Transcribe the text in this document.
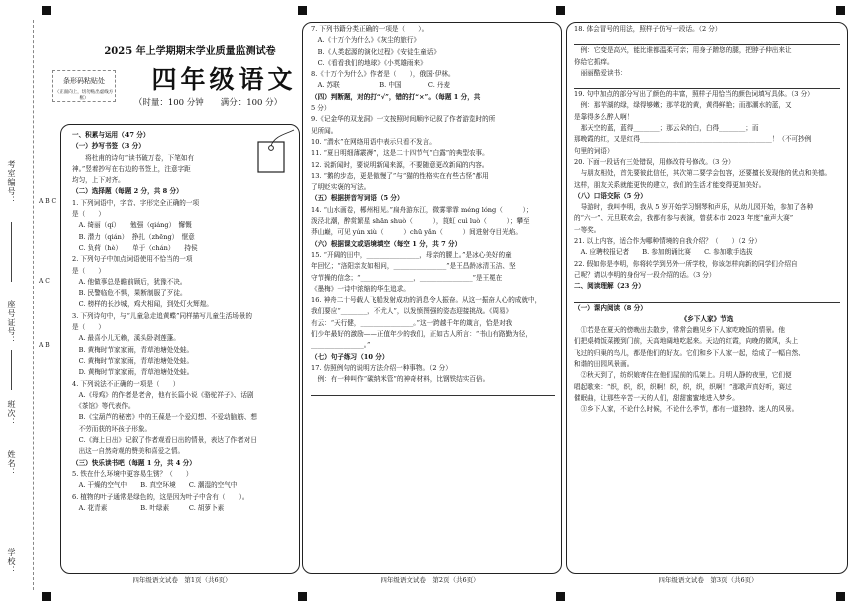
考室编号：
座号证号：
班次：
姓名：
学校：
A B C
A C
A B
2025 年上学期期末学业质量监测试卷
四年级语文
（时量：100 分钟　　满分：100 分）
条形码粘贴处
（正面向上，切勿贴出虚线方框）
一、积累与运用（47 分）
（一）抄写书签（3 分）
　　将杜甫的诗句“读书破万卷，下笔如有
神。”竖着抄写在右边的书签上，注意字距
均匀，上下对齐。
（二）选择题（每题 2 分，共 8 分）
1. 下列词语中，字音、字形完全正确的一项
是（　　）
　A. 绮丽（qí）　　勉强（qiáng）　懈慨
　B. 潜力（qián）　挣扎（zhēng）　惬意
　C. 负荷（hè）　　单于（chán）　　持侯
2. 下列句子中加点词语使用不恰当的一项
是（　　）
　A. 他做事总是瞻前顾后，犹豫不决。
　B. 民警临危不惧，果断制服了歹徒。
　C. 榜样的长沙城，鸡犬相闻，到处灯火辉煌。
3. 下列诗句中，与“儿童急走追黄蝶”同样描写儿童生活场景的
是（　　）
　A. 最喜小儿无赖，溪头卧剥莲蓬。
　B. 黄梅时节家家雨，青草池塘处处蛙。
　C. 黄梅时节家家雨，青草池塘处处蛙。
　D. 黄梅时节家家雨，青草池塘处处蛙。
4. 下列说法不正确的一项是（　　）
　A.《母鸡》的作者是老舍，他有长篇小说《骆驼祥子》、话剧
　《茶馆》等代表作。
　B.《宝葫芦的秘密》中的王葆是一个爱幻想、不爱动脑筋、想
　不劳而获的坏孩子形象。
　C.《海上日出》记叙了作者观看日出的情景，表达了作者对日
　出这一自然奇观的赞美和喜爱之情。
（三）快乐读书吧（每题 1 分，共 4 分）
5. 铁在什么环境中更容易生锈？（　　）
　A. 干燥的空气中　　B. 真空环境　　C. 潮湿的空气中
6. 植物的叶子通常是绿色的，这是因为叶子中含有（　　）。
　A. 花青素　　　　　B. 叶绿素　　　C. 胡萝卜素
7. 下列书籍分类正确的一项是（　　）。
　A.《十万个为什么》《灰尘的旅行》
　B.《人类起源的演化过程》《安徒生童话》
　C.《看看我们的地球》《小英雄雨来》
8.《十万个为什么》作者是（　　），俄国·伊林。
　A. 苏联　　　　　　B. 中国　　　　C. 丹麦
（四）判断题，对的打“√”，错的打“×”。（每题 1 分，共
5 分）
9.《记金华的双龙洞》一文按照时间顺序记叙了作者游览时的所
见所闻。
10. “潜水”在网络用语中表示只看不发言。
11. “夏日明细薄霰褥”，这是二十四节气“白露”的典型农事。
12. 说新闻时，要说明新闻来源，不要随意更改新闻的内容。
13. “鹅的步态，更是傲慢了”与“猫的性格实在有些古怪”都用
了明贬实褒的写法。
（五）根据拼音写词语（5 分）
14. “山水画卷，郴州相见。”扁舟游东江，微雾霏霏 méng lóng（　　　）；
泼泾北潮，醉赏繁星 shān shuò（　　　），莨虹 cuì luò（　　　）；攀至
莽山巅，可见 yún xiù（　　　）chū yǎn（　　　）间进射夺目光焰。
（六）根据课文或语境填空（每空 1 分，共 7 分）
15. “开阔的田中，________________，母亲的腰上。”是冰心美好的童
年回忆；“洛阳亲友如相问，________________”是王昌龄冰清玉洁、坚
守节操的信念；“________________，________________”是王冕在
《墨梅》一诗中浓缩的华生追求。
16. 神舟二十号载人飞船发射成功的消息令人振奋。从这一振奋人心的成就中，
我们要应“________，不尤人”，以发愤图强的姿态迎接挑战。《周易》
有云：“天行健，________________。”这一跨越千年的箴言，恰是对我
们少年最好的激励——正值年少的我们，正如古人所言：“书山有路勤为径，
________________。”
（七）句子练习（10 分）
17. 仿照例句的说明方法介绍一种事物。（2 分）
　例：有一种叫作“碳纳米管”的神奇材料，比钢铁结实百倍。
18. 体会冒号的用法，照样子仿写一段话。（2 分）
　例：它变是高兴，能比谁都温柔可亲；用身子蹭您的腿，把脖子伸出来让
你给它抓痒。
　丽丽酷爱读书：
19. 句中加点的部分写出了颜色的丰富，照样子用恰当的颜色词填写具体。（3 分）
　例：那苹湖的绿，绿得够嫩；那苹花的黄，黄得鲜艳；而那潮水的蓝，又
是靠得多么醉人啊！
　那天空的蓝，蓝得________；那云朵的白，白得________；而
那晚霞的红，又是红得________________________________________！（不可抄例
句里的词语）
20. 下面一段话有三处错误，用修改符号修改。（3 分）
　与朋友相处，首先要彼此信任，其次第二要学会包容，还要擅长发现他的优点和美德。
这样，朋友关系就能更快的建立，我们的生活才能变得更加美好。
（八）口语交际（5 分）
　导游时，我叫李明，我从 5 岁开始学习钢琴和声乐，从幼儿园开始，参加了各种
的“六一”、元旦联欢会，我都有参与表演，曾获本市 2023 年度“童声大赛”
一等奖。
21. 以上内容，适合作为哪种情境的自我介绍？（　　）（2 分）
　A. 应聘校报记者　　B. 参加朗诵比赛　　C. 参加歌手选拔
22. 假如你是李明，你将转学到另外一所学校，你该怎样向新的同学们介绍自
己呢？请以李明的身份写一段介绍的话。（3 分）
二、阅读理解（23 分）
（一）课内阅读（8 分）
《乡下人家》节选
　①若是在夏天的傍晚出去散步，常常会瞧见乡下人家吃晚饭的情景。他
们把桌椅饭菜搬到门前，天高地阔地吃起来。天边的红霞，向晚的微风，头上
飞过的归巢的鸟儿，都是他们的好友。它们和乡下人家一起，绘成了一幅自然、
和谐的田园风景画。
　②秋天到了，纺织娘寄住在他们屋前的瓜架上。月明人静的夜里，它们便
唱起歌来：“织，织，织，织啊！织，织，织，织啊！”那歌声真好听，赛过
催眠曲，让那些辛苦一天的人们，甜甜蜜蜜地进入梦乡。
　③乡下人家，不论什么时候，不论什么季节，都有一道独特、迷人的风景。
四年级语文试卷　第1页（共6页）	四年级语文试卷　第2页（共6页）	四年级语文试卷　第3页（共6页）
